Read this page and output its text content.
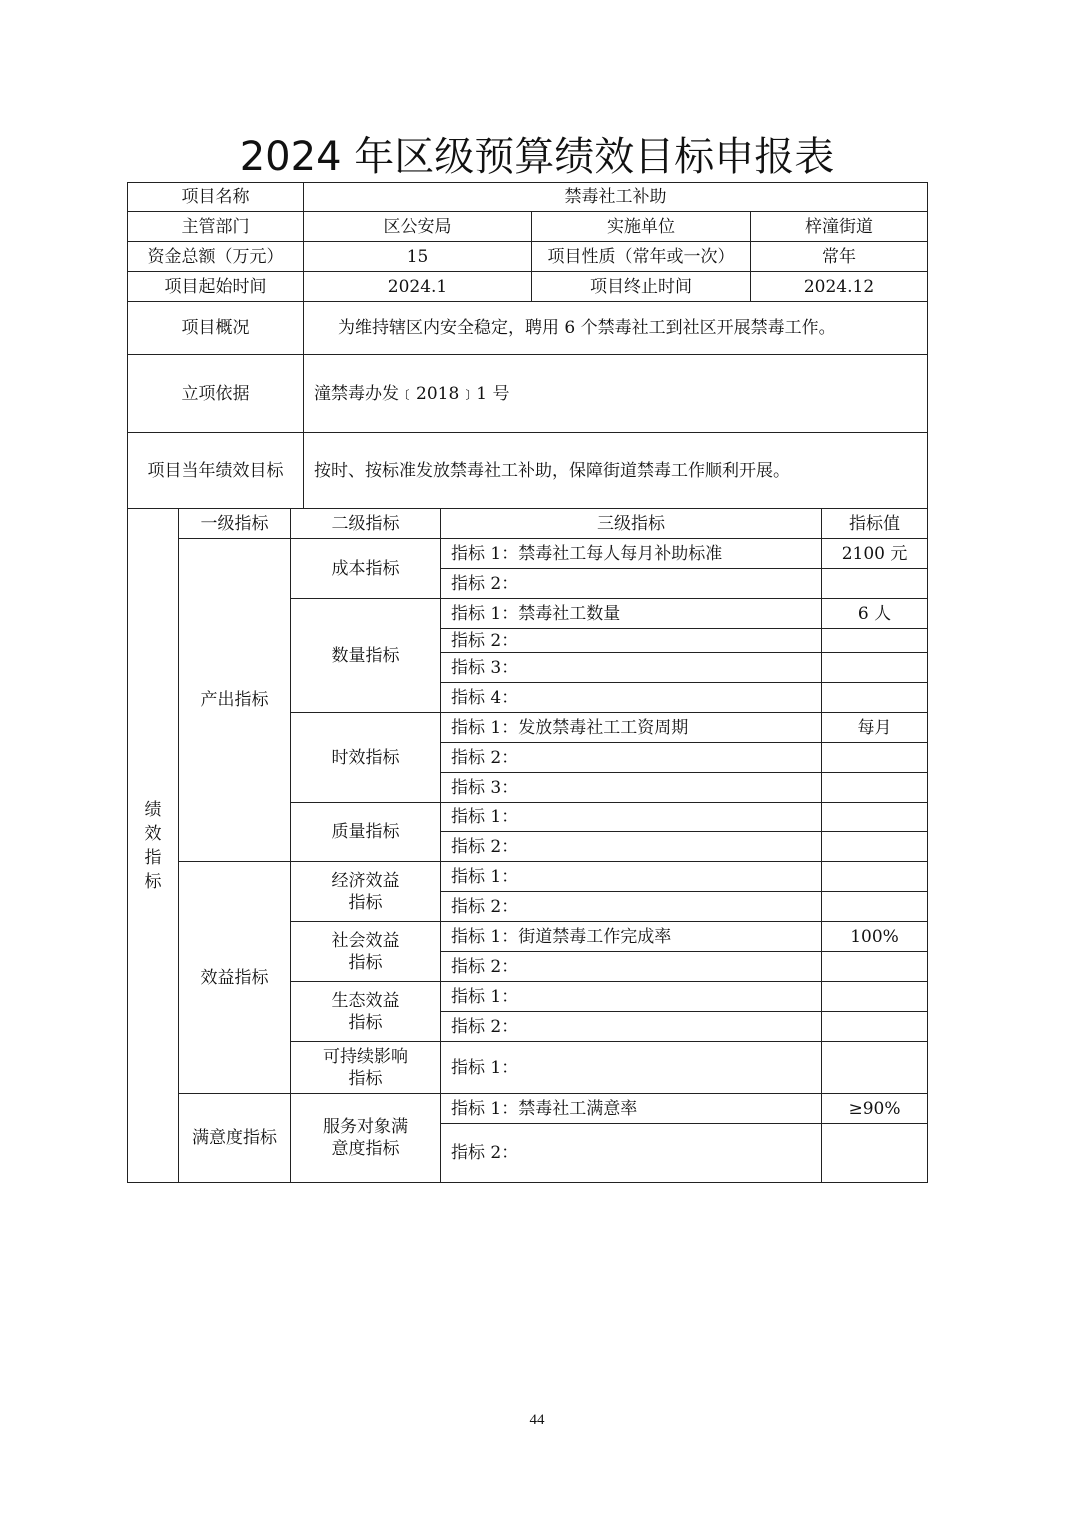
2024 年区级预算绩效目标申报表
项目名称			禁毒社工补助				
主管部门			区公安局		实施单位	梓潼街道	
资金总额（万元）			15		项目性质（常年或一次）	常年	
项目起始时间			2024.1		项目终止时间	2024.12	
项目概况			为维持辖区内安全稳定，聘用 6 个禁毒社工到社区开展禁毒工作。				
立项依据			潼禁毒办发﹝2018﹞1 号				
项目当年绩效目标			按时、按标准发放禁毒社工补助，保障街道禁毒工作顺利开展。				
绩效指标	一级指标	二级指标		三级指标			指标值
	产出指标	成本指标		指标 1：禁毒社工每人每月补助标准			2100 元
				指标 2：			
		数量指标		指标 1：禁毒社工数量			6 人
				指标 2：			
				指标 3：			
				指标 4：			
		时效指标		指标 1：发放禁毒社工工资周期			每月
				指标 2：			
				指标 3：			
		质量指标		指标 1：			
				指标 2：			
	效益指标	经济效益指标		指标 1：			
				指标 2：			
		社会效益指标		指标 1：街道禁毒工作完成率			100%
				指标 2：			
		生态效益指标		指标 1：			
				指标 2：			
		可持续影响指标		指标 1：			
	满意度指标	服务对象满意度指标		指标 1：禁毒社工满意率			≥90%
				指标 2：			
44
